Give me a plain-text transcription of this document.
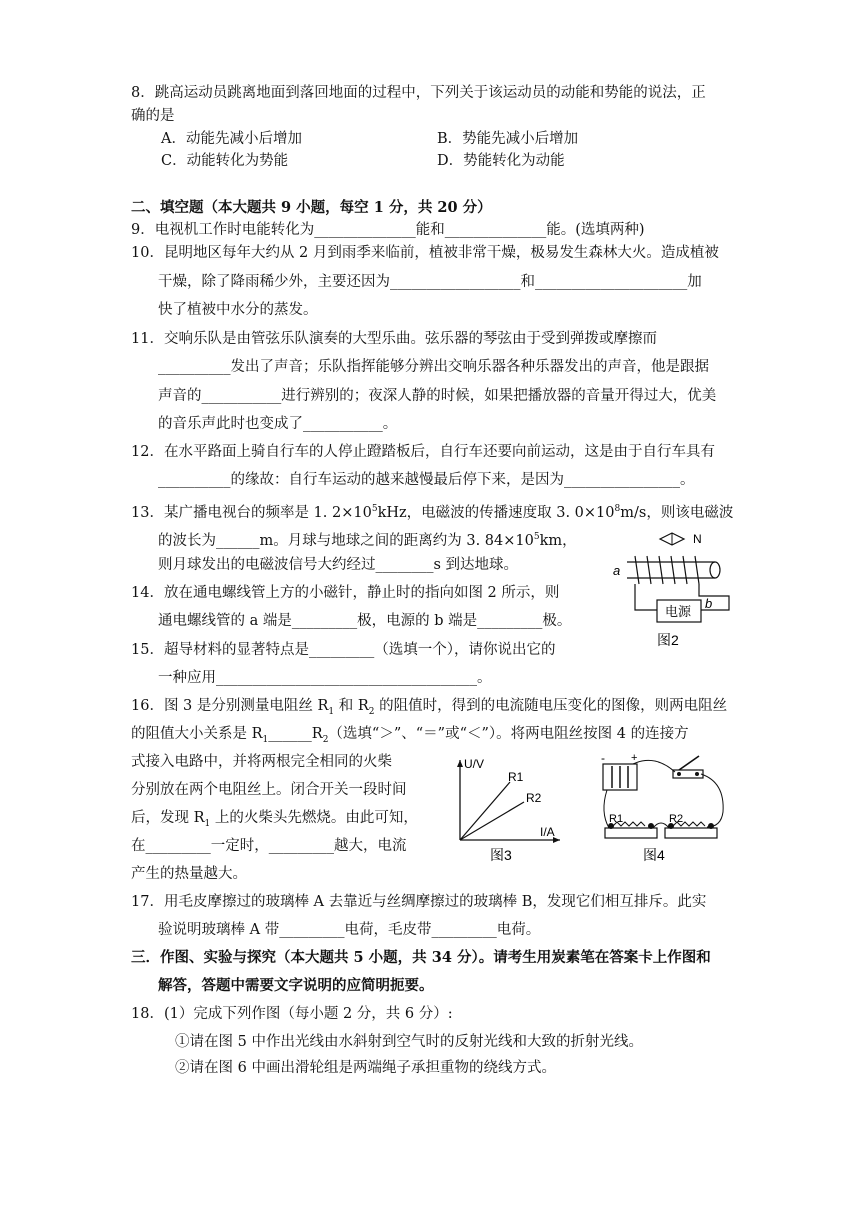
8．跳高运动员跳离地面到落回地面的过程中，下列关于该运动员的动能和势能的说法，正
确的是
A．动能先减小后增加	B．势能先减小后增加
C．动能转化为势能	D．势能转化为动能
二、填空题（本大题共 9 小题，每空 1 分，共 20 分）
9．电视机工作时电能转化为______________能和______________能。(选填两种)
10．昆明地区每年大约从 2 月到雨季来临前，植被非常干燥，极易发生森林大火。造成植被
干燥，除了降雨稀少外，主要还因为__________________和_____________________加
快了植被中水分的蒸发。
11．交响乐队是由管弦乐队演奏的大型乐曲。弦乐器的琴弦由于受到弹拨或摩擦而
__________发出了声音；乐队指挥能够分辨出交响乐器各种乐器发出的声音，他是跟据
声音的___________进行辨别的；夜深人静的时候，如果把播放器的音量开得过大，优美
的音乐声此时也变成了___________。
12．在水平路面上骑自行车的人停止蹬踏板后，自行车还要向前运动，这是由于自行车具有
__________的缘故：自行车运动的越来越慢最后停下来，是因为________________。
13．某广播电视台的频率是 1. $2\times 10^5kHz$，电磁波的传播速度取 3. $0\times 10^8m/s$，则该电磁波
的波长为______m。月球与地球之间的距离约为 3. $84\times 10^5km$，
则月球发出的电磁波信号大约经过________s 到达地球。
14．放在通电螺线管上方的小磁针，静止时的指向如图 2 所示，则
通电螺线管的 a 端是_________极，电源的 b 端是_________极。
15．超导材料的显著特点是_________（选填一个），请你说出它的
一种应用____________________________________。
16．图 3 是分别测量电阻丝 $R_1$ 和 $R_2$ 的阻值时，得到的电流随电压变化的图像，则两电阻丝
的阻值大小关系是 $R_1\_\_\_\_\_\_R_2$（选填“＞”、“＝”或“＜”）。将两电阻丝按图 4 的连接方
式接入电路中，并将两根完全相同的火柴
分别放在两个电阻丝上。闭合开关一段时间
后，发现 $R_1$ 上的火柴头先燃烧。由此可知，
在_________一定时，_________越大，电流
产生的热量越大。
17．用毛皮摩擦过的玻璃棒 A 去靠近与丝绸摩擦过的玻璃棒 B，发现它们相互排斥。此实
验说明玻璃棒 A 带_________电荷，毛皮带_________电荷。
三．作图、实验与探究（本大题共 5 小题，共 34 分）。请考生用炭素笔在答案卡上作图和
解答，答题中需要文字说明的应简明扼要。
18．(1）完成下列作图（每小题 2 分，共 6 分）:
①请在图 5 中作出光线由水斜射到空气时的反射光线和大致的折射光线。
②请在图 6 中画出滑轮组是两端绳子承担重物的绕线方式。
N
a
电源
b
图2
U/V
I/A
R1
R2
图3
- +
R1	R2
图4
